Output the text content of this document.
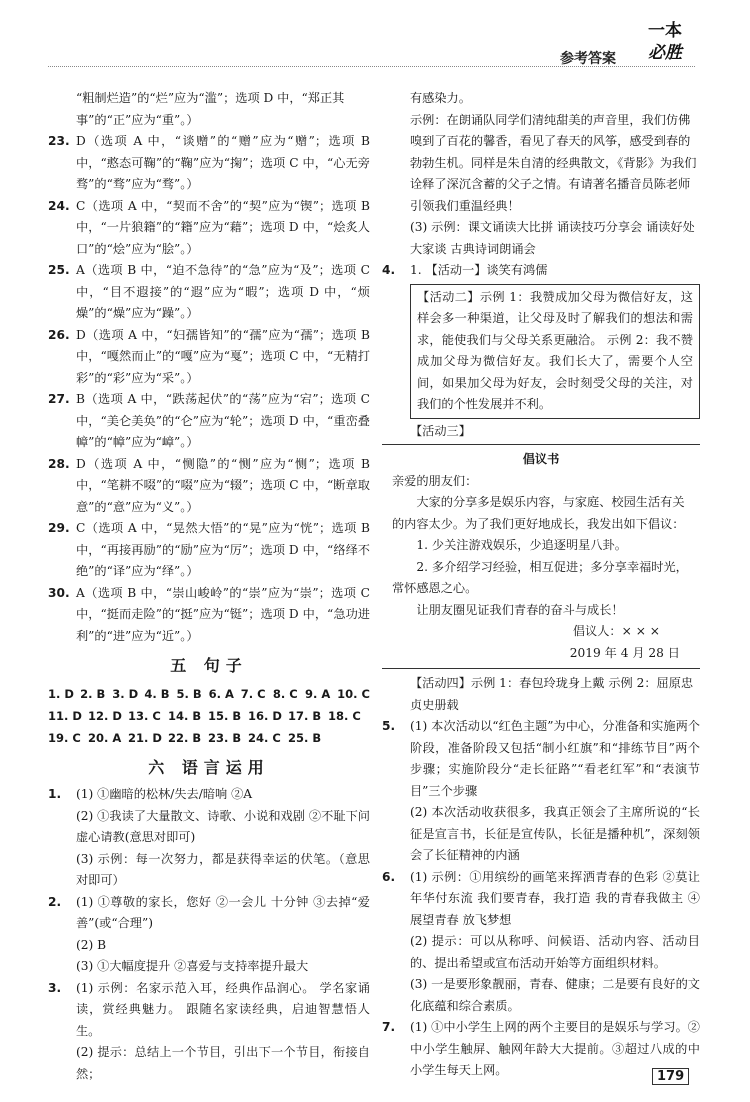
参考答案
一本
必胜

“粗制烂造”的“烂”应为“滥”；选项 D 中，“郑正其事”的“正”应为“重”。）

23. D（选项 A 中，“谈赠”的“赠”应为“赠”；选项 B 中，“憨态可鞠”的“鞠”应为“掬”；选项 C 中，“心无旁骛”的“骛”应为“骛”。）
24. C（选项 A 中，“契而不舍”的“契”应为“锲”；选项 B 中，“一片狼籍”的“籍”应为“藉”；选项 D 中，“烩炙人口”的“烩”应为“脍”。）
25. A（选项 B 中，“迫不急待”的“急”应为“及”；选项 C 中，“目不遐接”的“遐”应为“暇”；选项 D 中，“烦燥”的“燥”应为“躁”。）
26. D（选项 A 中，“妇孺皆知”的“孺”应为“孺”；选项 B 中，“嘎然而止”的“嘎”应为“戛”；选项 C 中，“无精打彩”的“彩”应为“采”。）
27. B（选项 A 中，“跌荡起伏”的“荡”应为“宕”；选项 C 中，“美仑美奂”的“仑”应为“轮”；选项 D 中，“重峦叠幛”的“幛”应为“嶂”。）
28. D（选项 A 中，“恻隐”的“恻”应为“恻”；选项 B 中，“笔耕不啜”的“啜”应为“辍”；选项 C 中，“断章取意”的“意”应为“义”。）
29. C（选项 A 中，“晃然大悟”的“晃”应为“恍”；选项 B 中，“再接再励”的“励”应为“厉”；选项 D 中，“络绎不绝”的“译”应为“绎”。）
30. A（选项 B 中，“崇山峻岭”的“崇”应为“崇”；选项 C 中，“挺而走险”的“挺”应为“铤”；选项 D 中，“急功进利”的“进”应为“近”。）
五 句子
1. D 2. B 3. D 4. B 5. B 6. A 7. C 8. C 9. A 10. C
11. D 12. D 13. C 14. B 15. B 16. D 17. B 18. C
19. C 20. A 21. D 22. B 23. B 24. C 25. B
六 语言运用
1.	(1) ①幽暗的松林/失去/暗响 ②A

(2) ①我读了大量散文、诗歌、小说和戏剧 ②不耻下问 虚心请教(意思对即可)

(3) 示例：每一次努力，都是获得幸运的伏笔。（意思对即可）

2.	(1) ①尊敬的家长，您好 ②一会儿 十分钟 ③去掉“爱善”(或“合理”)

(2) B

(3) ①大幅度提升 ②喜爱与支持率提升最大

3.	(1) 示例：名家示范入耳，经典作品润心。 学名家诵读，赏经典魅力。 跟随名家读经典，启迪智慧悟人生。

(2) 提示：总结上一个节目，引出下一个节目，衔接自然；

有感染力。

示例：在朗诵队同学们清纯甜美的声音里，我们仿佛嗅到了百花的馨香，看见了春天的风筝，感受到春的勃勃生机。同样是朱自清的经典散文，《背影》为我们诠释了深沉含蓄的父子之情。有请著名播音员陈老师引领我们重温经典！

(3) 示例：课文诵读大比拼 诵读技巧分享会 诵读好处大家谈 古典诗词朗诵会

4.	1. 【活动一】谈笑有鸿儒

【活动二】示例 1：我赞成加父母为微信好友，这样会多一种渠道，让父母及时了解我们的想法和需求，能使我们与父母关系更融洽。 示例 2：我不赞成加父母为微信好友。我们长大了，需要个人空间，如果加父母为好友，会时刻受父母的关注，对我们的个性发展并不利。

【活动三】

倡议书

亲爱的朋友们：

大家的分享多是娱乐内容，与家庭、校园生活有关的内容太少。为了我们更好地成长，我发出如下倡议：

1. 少关注游戏娱乐，少追逐明星八卦。

2. 多介绍学习经验，相互促进；多分享幸福时光，常怀感恩之心。

让朋友圈见证我们青春的奋斗与成长！

倡议人：× × ×

2019 年 4 月 28 日

【活动四】示例 1：春包玲珑身上戴 示例 2：屈原忠贞史册载

5.	(1) 本次活动以“红色主题”为中心，分准备和实施两个阶段，准备阶段又包括“制小红旗”和“排练节目”两个步骤；实施阶段分“走长征路”“看老红军”和“表演节目”三个步骤

(2) 本次活动收获很多，我真正领会了主席所说的“长征是宣言书，长征是宣传队，长征是播种机”，深刻领会了长征精神的内涵

6.	(1) 示例：①用缤纷的画笔来挥洒青春的色彩 ②莫让年华付东流 我们要青春，我打造 我的青春我做主 ④展望青春 放飞梦想

(2) 提示：可以从称呼、问候语、活动内容、活动目的、提出希望或宣布活动开始等方面组织材料。

(3) 一是要形象靓丽，青春、健康；二是要有良好的文化底蕴和综合素质。

7.	(1) ①中小学生上网的两个主要目的是娱乐与学习。②中小学生触屏、触网年龄大大提前。③超过八成的中小学生每天上网。	179
